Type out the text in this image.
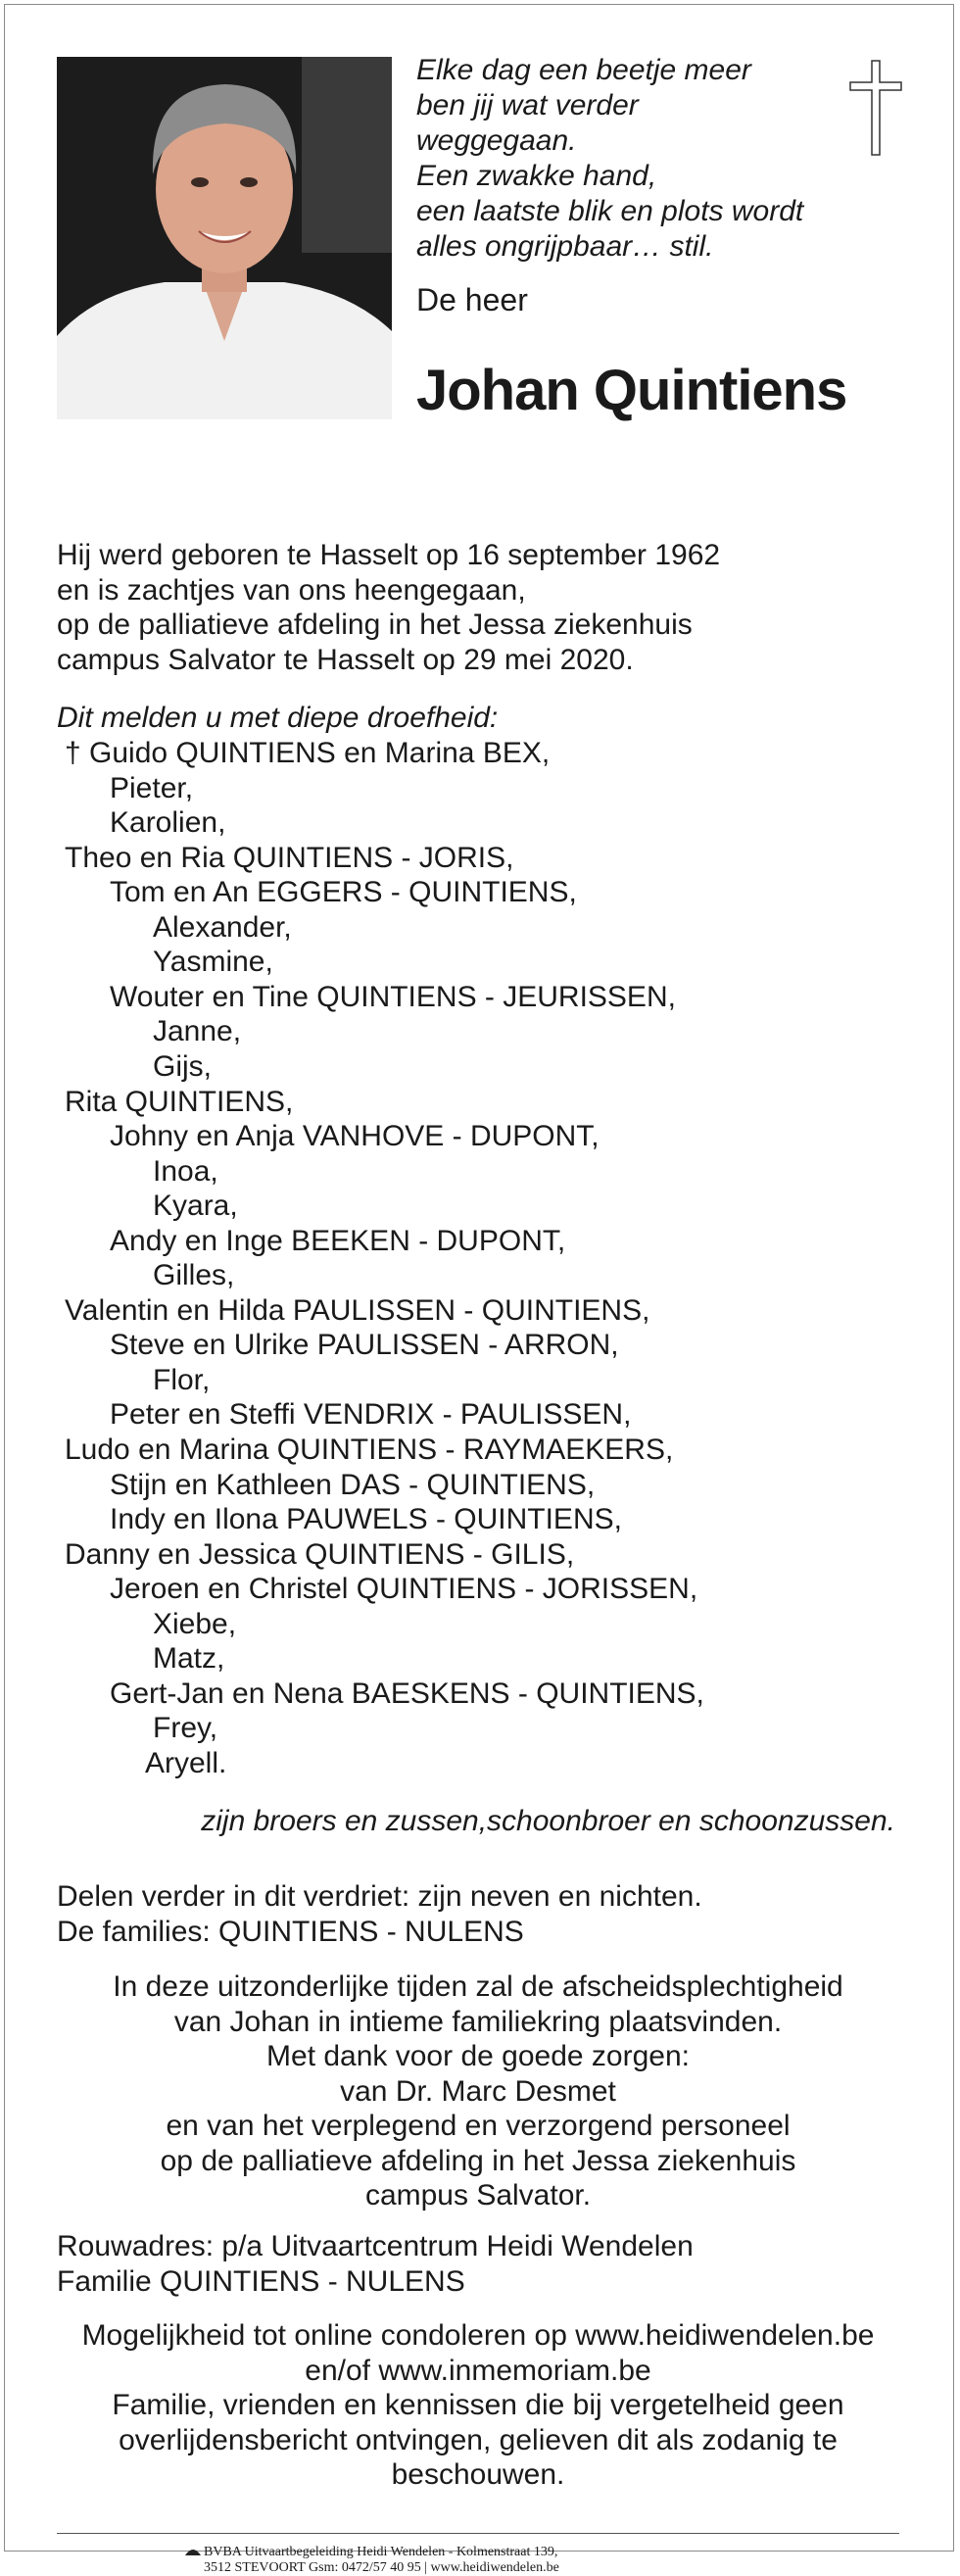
Elke dag een beetje meer
ben jij wat verder
weggegaan.
Een zwakke hand,
een laatste blik en plots wordt
alles ongrijpbaar… stil.
De heer
Johan Quintiens
Hij werd geboren te Hasselt op 16 september 1962
en is zachtjes van ons heengegaan,
op de palliatieve afdeling in het Jessa ziekenhuis
campus Salvator te Hasselt op 29 mei 2020.
Dit melden u met diepe droefheid:
† Guido QUINTIENS en Marina BEX,
Pieter,
Karolien,
Theo en Ria QUINTIENS - JORIS,
Tom en An EGGERS - QUINTIENS,
Alexander,
Yasmine,
Wouter en Tine QUINTIENS - JEURISSEN,
Janne,
Gijs,
Rita QUINTIENS,
Johny en Anja VANHOVE - DUPONT,
Inoa,
Kyara,
Andy en Inge BEEKEN - DUPONT,
Gilles,
Valentin en Hilda PAULISSEN - QUINTIENS,
Steve en Ulrike PAULISSEN - ARRON,
Flor,
Peter en Steffi VENDRIX - PAULISSEN,
Ludo en Marina QUINTIENS - RAYMAEKERS,
Stijn en Kathleen DAS - QUINTIENS,
Indy en Ilona PAUWELS - QUINTIENS,
Danny en Jessica QUINTIENS - GILIS,
Jeroen en Christel QUINTIENS - JORISSEN,
Xiebe,
Matz,
Gert-Jan en Nena BAESKENS - QUINTIENS,
Frey,
Aryell.
zijn broers en zussen,schoonbroer en schoonzussen.
Delen verder in dit verdriet: zijn neven en nichten.
De families: QUINTIENS - NULENS
In deze uitzonderlijke tijden zal de afscheidsplechtigheid
van Johan in intieme familiekring plaatsvinden.
Met dank voor de goede zorgen:
van Dr. Marc Desmet
en van het verplegend en verzorgend personeel
op de palliatieve afdeling in het Jessa ziekenhuis
campus Salvator.
Rouwadres: p/a Uitvaartcentrum Heidi Wendelen
Familie QUINTIENS - NULENS
Mogelijkheid tot online condoleren op www.heidiwendelen.be
en/of www.inmemoriam.be
Familie, vrienden en kennissen die bij vergetelheid geen
overlijdensbericht ontvingen, gelieven dit als zodanig te
beschouwen.
BVBA Uitvaartbegeleiding Heidi Wendelen - Kolmenstraat 139,
3512 STEVOORT Gsm: 0472/57 40 95 | www.heidiwendelen.be
